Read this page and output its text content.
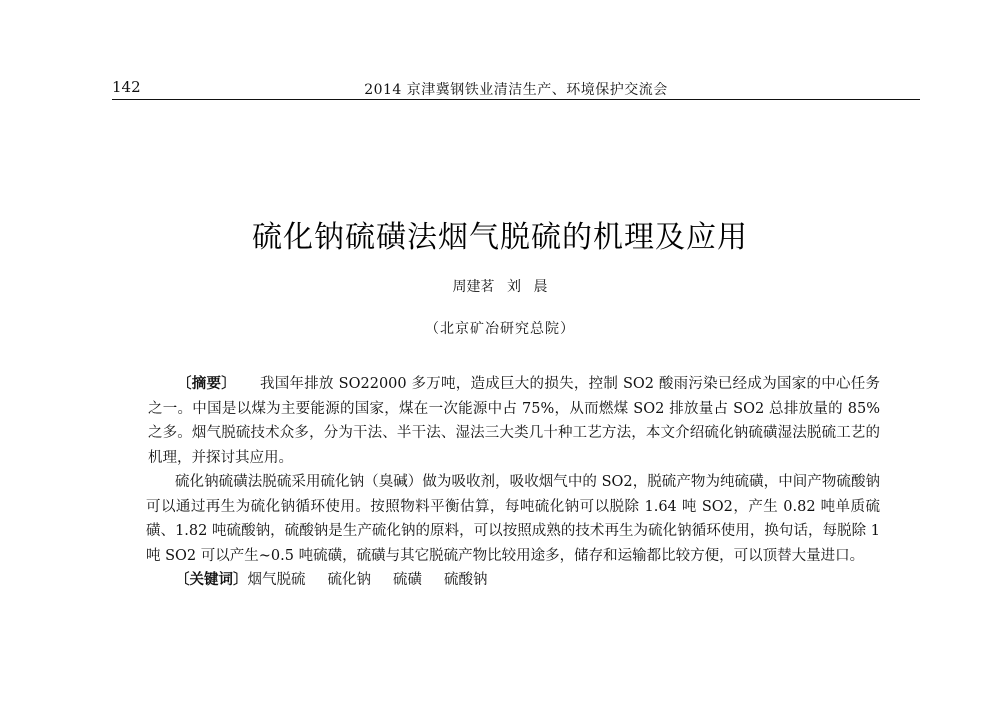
142	2014 京津冀钢铁业清洁生产、环境保护交流会
硫化钠硫磺法烟气脱硫的机理及应用
周建茗 刘 晨
（北京矿冶研究总院）

〔摘要〕 我国年排放 SO22000 多万吨，造成巨大的损失，控制 SO2 酸雨污染已经成为国家的中心任务之一。中国是以煤为主要能源的国家，煤在一次能源中占 75%，从而燃煤 SO2 排放量占 SO2 总排放量的 85%之多。烟气脱硫技术众多，分为干法、半干法、湿法三大类几十种工艺方法，本文介绍硫化钠硫磺湿法脱硫工艺的机理，并探讨其应用。

硫化钠硫磺法脱硫采用硫化钠（臭碱）做为吸收剂，吸收烟气中的 SO2，脱硫产物为纯硫磺，中间产物硫酸钠可以通过再生为硫化钠循环使用。按照物料平衡估算，每吨硫化钠可以脱除 1.64 吨 SO2，产生 0.82 吨单质硫磺、1.82 吨硫酸钠，硫酸钠是生产硫化钠的原料，可以按照成熟的技术再生为硫化钠循环使用，换句话，每脱除 1 吨 SO2 可以产生~0.5 吨硫磺，硫磺与其它脱硫产物比较用途多，储存和运输都比较方便，可以顶替大量进口。

〔关键词〕烟气脱硫 硫化钠 硫磺 硫酸钠
